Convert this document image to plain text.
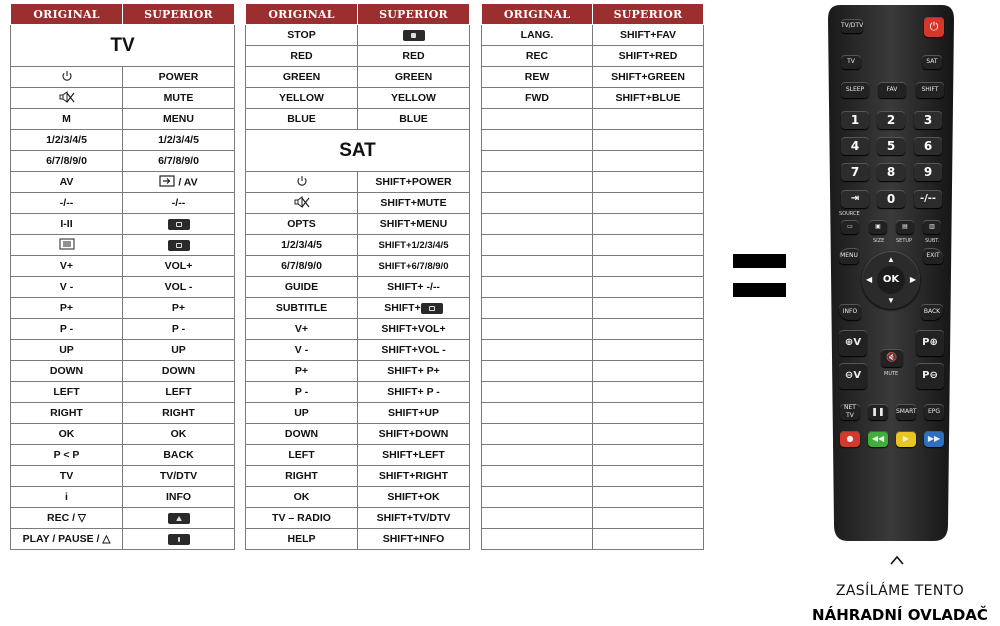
ORIGINAL	SUPERIOR
TV	
	POWER
	MUTE
M	MENU
1/2/3/4/5	1/2/3/4/5
6/7/8/9/0	6/7/8/9/0
AV	/ AV
-/--	-/--
I-II	

V+	VOL+
V -	VOL -
P+	P+
P -	P -
UP	UP
DOWN	DOWN
LEFT	LEFT
RIGHT	RIGHT
OK	OK
P < P	BACK
TV	TV/DTV
i	INFO
REC / ▽	

PLAY / PAUSE / △	
ORIGINAL	SUPERIOR
STOP	

RED	RED
GREEN	GREEN
YELLOW	YELLOW
BLUE	BLUE
SAT	
	SHIFT+POWER
	SHIFT+MUTE
OPTS	SHIFT+MENU
1/2/3/4/5	SHIFT+1/2/3/4/5
6/7/8/9/0	SHIFT+6/7/8/9/0
GUIDE	SHIFT+ -/--
SUBTITLE	SHIFT+

V+	SHIFT+VOL+
V -	SHIFT+VOL -
P+	SHIFT+ P+
P -	SHIFT+ P -
UP	SHIFT+UP
DOWN	SHIFT+DOWN
LEFT	SHIFT+LEFT
RIGHT	SHIFT+RIGHT
OK	SHIFT+OK
TV – RADIO	SHIFT+TV/DTV
HELP	SHIFT+INFO
ORIGINAL	SUPERIOR
LANG.	SHIFT+FAV
REC	SHIFT+RED
REW	SHIFT+GREEN
FWD	SHIFT+BLUE

TV/DTV	⏻
TV	SAT
SLEEP	FAV	SHIFT
1	2	3
4	5	6
7	8	9
⇥	0	-/--
SOURCE
▭	▣	▤	▥
SIZE SETUP	SUBT.
MENU	EXIT
▲
▼
◀	▶
OK
INFO	BACK
⊕V
⊖V
P⊕
P⊖
🔇
MUTE
NET TV	❚❚	SMART	EPG
●	◀◀	▶	▶▶
ZASÍLÁME TENTO
NÁHRADNÍ OVLADAČ
